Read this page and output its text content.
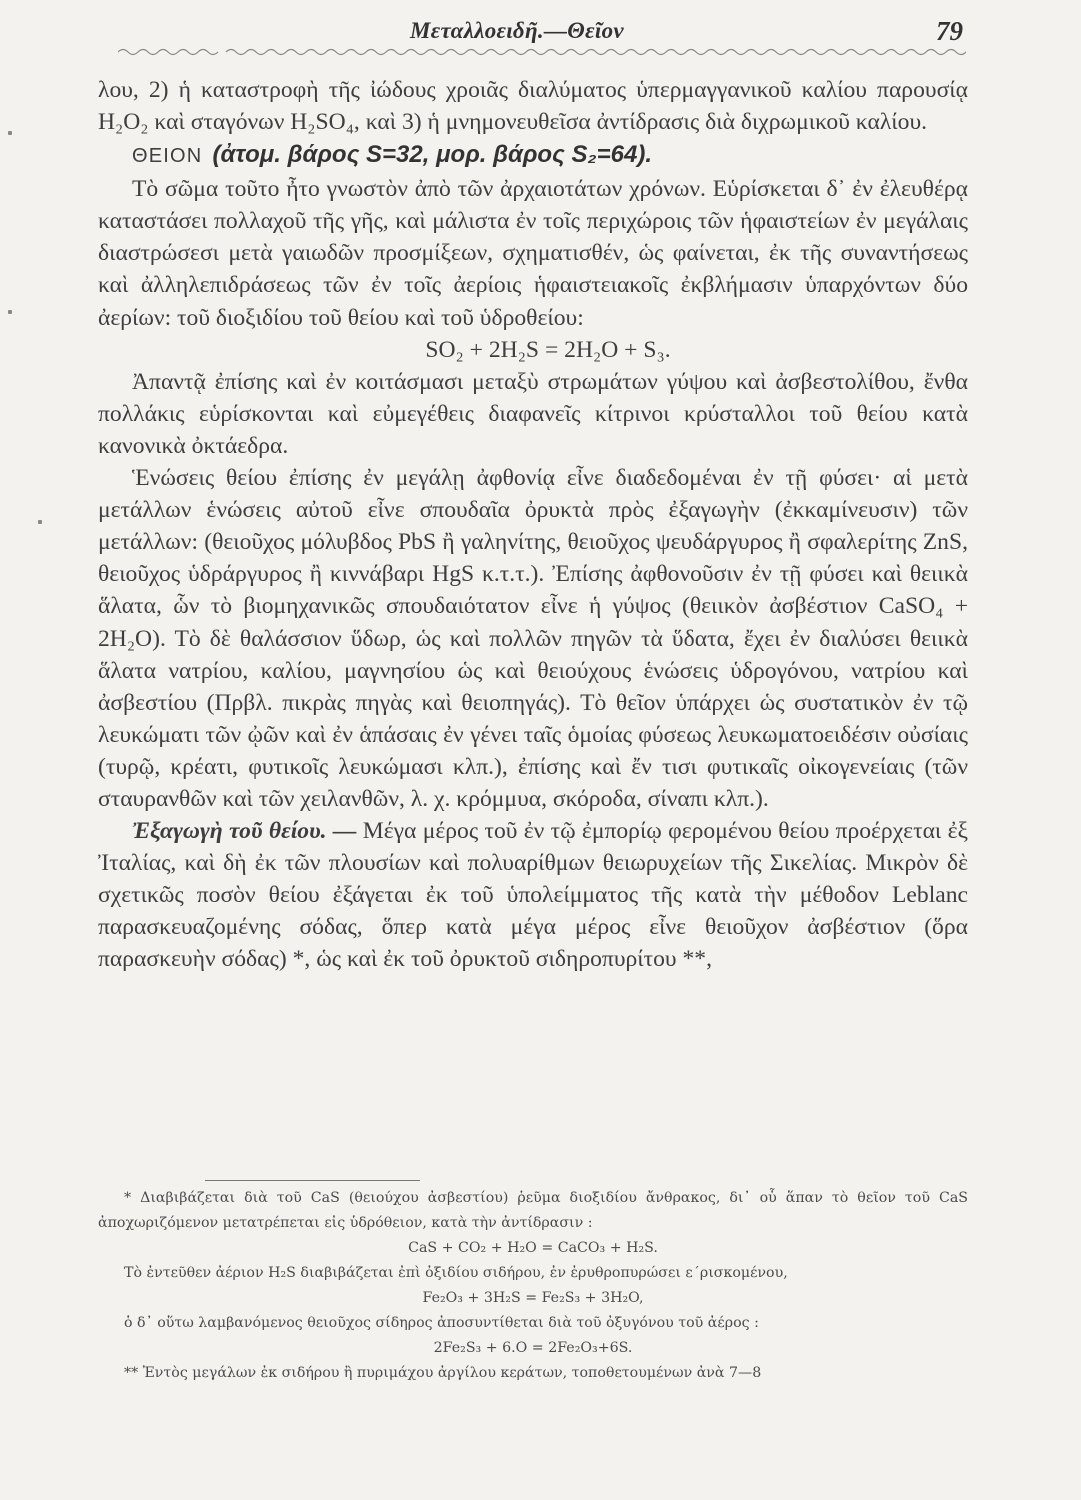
Μεταλλοειδῆ.—Θεῖον	79

λου, 2) ἡ καταστροφὴ τῆς ἰώδους χροιᾶς διαλύματος ὑπερμαγγανικοῦ καλίου παρουσίᾳ H₂O₂ καὶ σταγόνων H₂SO₄, καὶ 3) ἡ μνημονευθεῖσα ἀντίδρασις διὰ διχρωμικοῦ καλίου.

ΘΕΙΟΝ (ἀτομ. βάρος S=32, μορ. βάρος S₂=64).

Τὸ σῶμα τοῦτο ἦτο γνωστὸν ἀπὸ τῶν ἀρχαιοτάτων χρόνων. Εὑρίσκεται δ᾿ ἐν ἐλευθέρᾳ καταστάσει πολλαχοῦ τῆς γῆς, καὶ μάλιστα ἐν τοῖς περιχώροις τῶν ἡφαιστείων ἐν μεγάλαις διαστρώσεσι μετὰ γαιωδῶν προσμίξεων, σχηματισθέν, ὡς φαίνεται, ἐκ τῆς συναντήσεως καὶ ἀλληλεπιδράσεως τῶν ἐν τοῖς ἀερίοις ἡφαιστειακοῖς ἐκβλήμασιν ὑπαρχόντων δύο ἀερίων: τοῦ διοξιδίου τοῦ θείου καὶ τοῦ ὑδροθείου:

SO₂ + 2H₂S = 2H₂O + S₃.

Ἀπαντᾷ ἐπίσης καὶ ἐν κοιτάσμασι μεταξὺ στρωμάτων γύψου καὶ ἀσβεστολίθου, ἔνθα πολλάκις εὑρίσκονται καὶ εὐμεγέθεις διαφανεῖς κίτρινοι κρύσταλλοι τοῦ θείου κατὰ κανονικὰ ὀκτάεδρα.

Ἑνώσεις θείου ἐπίσης ἐν μεγάλῃ ἀφθονίᾳ εἶνε διαδεδομέναι ἐν τῇ φύσει· αἱ μετὰ μετάλλων ἑνώσεις αὐτοῦ εἶνε σπουδαῖα ὀρυκτὰ πρὸς ἐξαγωγὴν (ἐκκαμίνευσιν) τῶν μετάλλων: (θειοῦχος μόλυβδος PbS ἢ γαληνίτης, θειοῦχος ψευδάργυρος ἢ σφαλερίτης ZnS, θειοῦχος ὑδράργυρος ἢ κιννάβαρι HgS κ.τ.τ.). Ἐπίσης ἀφθονοῦσιν ἐν τῇ φύσει καὶ θειικὰ ἅλατα, ὧν τὸ βιομηχανικῶς σπουδαιότατον εἶνε ἡ γύψος (θειικὸν ἀσβέστιον CaSO₄ + 2H₂O). Τὸ δὲ θαλάσσιον ὕδωρ, ὡς καὶ πολλῶν πηγῶν τὰ ὕδατα, ἔχει ἐν διαλύσει θειικὰ ἅλατα νατρίου, καλίου, μαγνησίου ὡς καὶ θειούχους ἑνώσεις ὑδρογόνου, νατρίου καὶ ἀσβεστίου (Πρβλ. πικρὰς πηγὰς καὶ θειοπηγάς). Τὸ θεῖον ὑπάρχει ὡς συστατικὸν ἐν τῷ λευκώματι τῶν ᾠῶν καὶ ἐν ἁπάσαις ἐν γένει ταῖς ὁμοίας φύσεως λευκωματοειδέσιν οὐσίαις (τυρῷ, κρέατι, φυτικοῖς λευκώμασι κλπ.), ἐπίσης καὶ ἔν τισι φυτικαῖς οἰκογενείαις (τῶν σταυρανθῶν καὶ τῶν χειλανθῶν, λ. χ. κρόμμυα, σκόροδα, σίναπι κλπ.).

Ἐξαγωγὴ τοῦ θείου. — Μέγα μέρος τοῦ ἐν τῷ ἐμπορίῳ φερομένου θείου προέρχεται ἐξ Ἰταλίας, καὶ δὴ ἐκ τῶν πλουσίων καὶ πολυαρίθμων θειωρυχείων τῆς Σικελίας. Μικρὸν δὲ σχετικῶς ποσὸν θείου ἐξάγεται ἐκ τοῦ ὑπολείμματος τῆς κατὰ τὴν μέθοδον Leblanc παρασκευαζομένης σόδας, ὅπερ κατὰ μέγα μέρος εἶνε θειοῦχον ἀσβέστιον (ὅρα παρασκευὴν σόδας) *, ὡς καὶ ἐκ τοῦ ὀρυκτοῦ σιδηροπυρίτου **,

* Διαβιβάζεται διὰ τοῦ CaS (θειούχου ἀσβεστίου) ῥεῦμα διοξιδίου ἄνθρακος, δι᾿ οὗ ἅπαν τὸ θεῖον τοῦ CaS ἀποχωριζόμενον μετατρέπεται εἰς ὑδρόθειον, κατὰ τὴν ἀντίδρασιν :

CaS + CO₂ + H₂O = CaCO₃ + H₂S.

Τὸ ἐντεῦθεν ἀέριον H₂S διαβιβάζεται ἐπὶ ὀξιδίου σιδήρου, ἐν ἐρυθροπυρώσει ε΄ρισκομένου,

Fe₂O₃ + 3H₂S = Fe₂S₃ + 3H₂O,

ὁ δ᾿ οὕτω λαμβανόμενος θειοῦχος σίδηρος ἀποσυντίθεται διὰ τοῦ ὀξυγόνου τοῦ ἀέρος :

2Fe₂S₃ + 6.O = 2Fe₂O₃+6S.

** Ἐντὸς μεγάλων ἐκ σιδήρου ἢ πυριμάχου ἀργίλου κεράτων, τοποθετουμένων ἀνὰ 7—8
